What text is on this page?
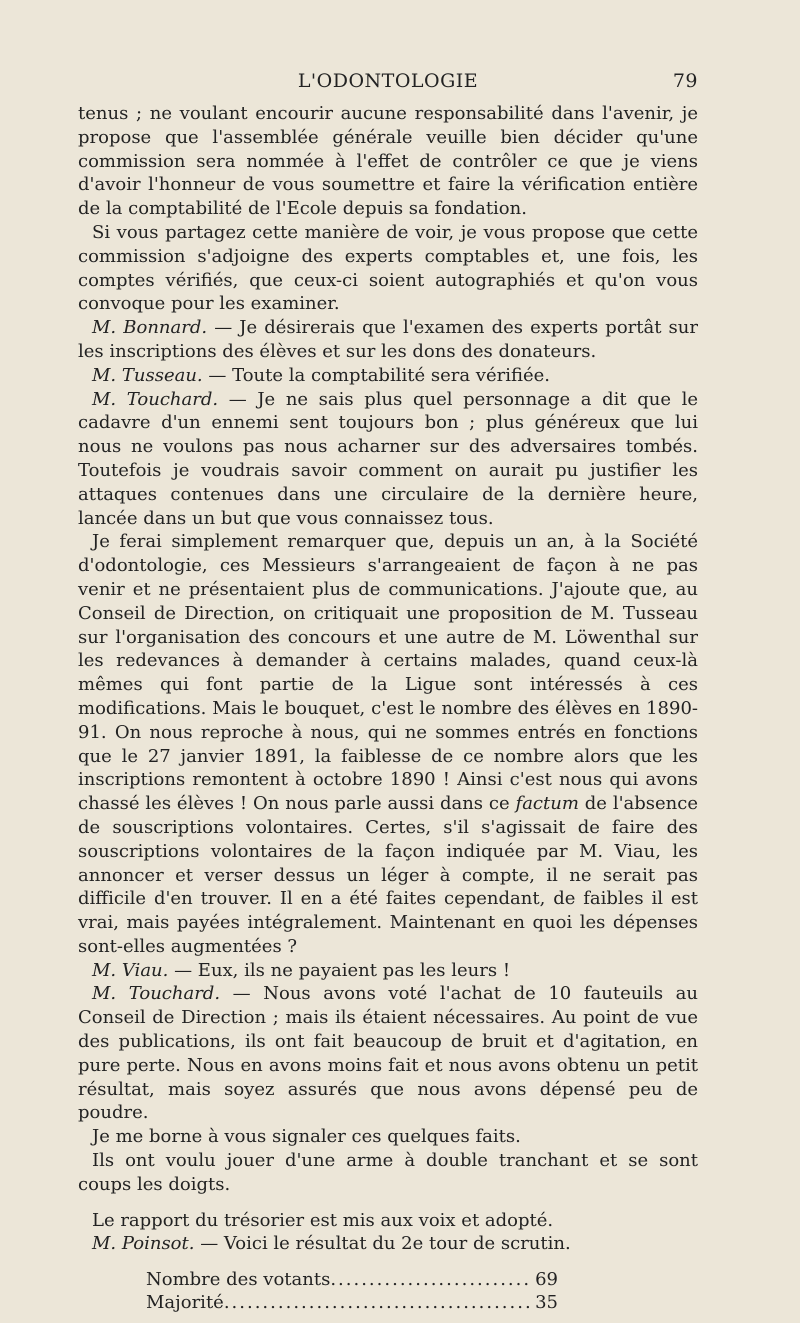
L'ODONTOLOGIE	79

tenus ; ne voulant encourir aucune responsabilité dans l'avenir, je propose que l'assemblée générale veuille bien décider qu'une commission sera nommée à l'effet de contrôler ce que je viens d'avoir l'honneur de vous soumettre et faire la vérification entière de la comptabilité de l'Ecole depuis sa fondation.

Si vous partagez cette manière de voir, je vous propose que cette commission s'adjoigne des experts comptables et, une fois, les comptes vérifiés, que ceux-ci soient autographiés et qu'on vous convoque pour les examiner.

M. Bonnard. — Je désirerais que l'examen des experts portât sur les inscriptions des élèves et sur les dons des donateurs.

M. Tusseau. — Toute la comptabilité sera vérifiée.

M. Touchard. — Je ne sais plus quel personnage a dit que le cadavre d'un ennemi sent toujours bon ; plus généreux que lui nous ne voulons pas nous acharner sur des adversaires tombés. Toutefois je voudrais savoir comment on aurait pu justifier les attaques contenues dans une circulaire de la dernière heure, lancée dans un but que vous connaissez tous.

Je ferai simplement remarquer que, depuis un an, à la Société d'odontologie, ces Messieurs s'arrangeaient de façon à ne pas venir et ne présentaient plus de communications. J'ajoute que, au Conseil de Direction, on critiquait une proposition de M. Tusseau sur l'organisation des concours et une autre de M. Löwenthal sur les redevances à demander à certains malades, quand ceux-là mêmes qui font partie de la Ligue sont intéressés à ces modifications. Mais le bouquet, c'est le nombre des élèves en 1890-91. On nous reproche à nous, qui ne sommes entrés en fonctions que le 27 janvier 1891, la faiblesse de ce nombre alors que les inscriptions remontent à octobre 1890 ! Ainsi c'est nous qui avons chassé les élèves ! On nous parle aussi dans ce factum de l'absence de souscriptions volontaires. Certes, s'il s'agissait de faire des souscriptions volontaires de la façon indiquée par M. Viau, les annoncer et verser dessus un léger à compte, il ne serait pas difficile d'en trouver. Il en a été faites cependant, de faibles il est vrai, mais payées intégralement. Maintenant en quoi les dépenses sont-elles augmentées ?

M. Viau. — Eux, ils ne payaient pas les leurs !

M. Touchard. — Nous avons voté l'achat de 10 fauteuils au Conseil de Direction ; mais ils étaient nécessaires. Au point de vue des publications, ils ont fait beaucoup de bruit et d'agitation, en pure perte. Nous en avons moins fait et nous avons obtenu un petit résultat, mais soyez assurés que nous avons dépensé peu de poudre.

Je me borne à vous signaler ces quelques faits.

Ils ont voulu jouer d'une arme à double tranchant et se sont coups les doigts.

Le rapport du trésorier est mis aux voix et adopté.

M. Poinsot. — Voici le résultat du 2e tour de scrutin.

Nombre des votants .....	69
Majorité .....	35
